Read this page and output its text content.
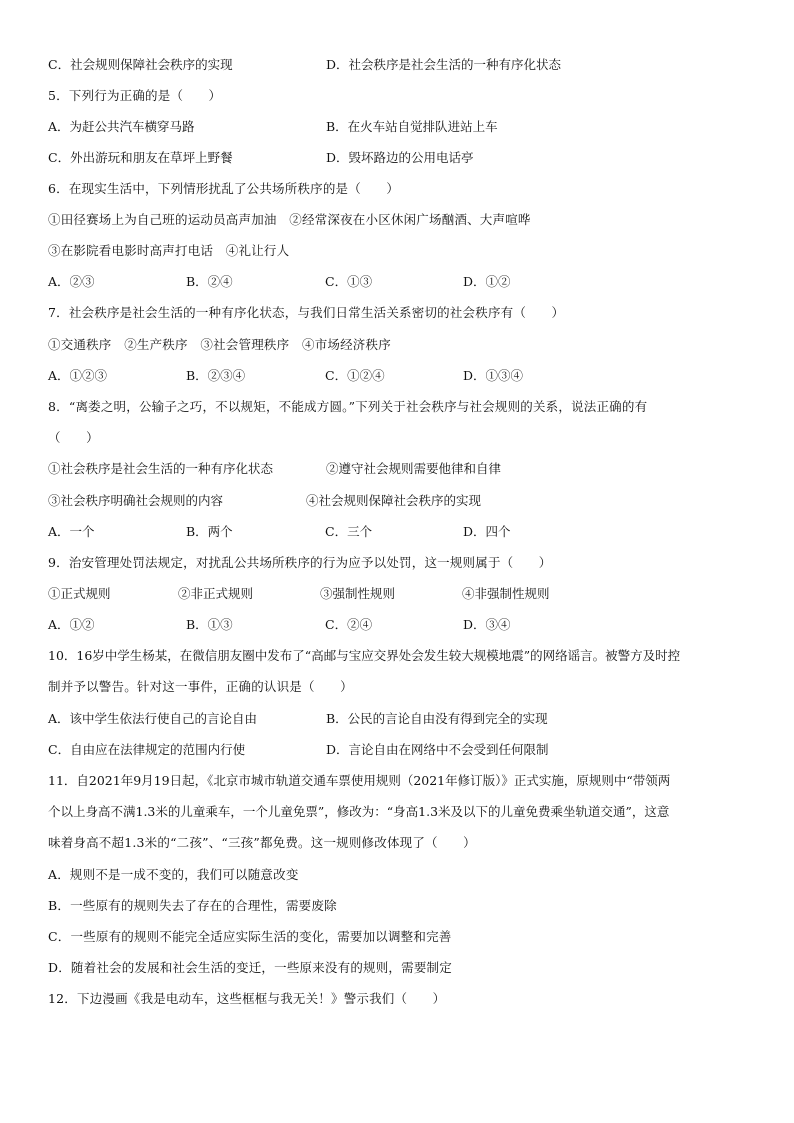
C．社会规则保障社会秩序的实现	D．社会秩序是社会生活的一种有序化状态
5．下列行为正确的是（　　）
A．为赶公共汽车横穿马路	B．在火车站自觉排队进站上车
C．外出游玩和朋友在草坪上野餐	D．毁坏路边的公用电话亭
6．在现实生活中，下列情形扰乱了公共场所秩序的是（　　）
①田径赛场上为自己班的运动员高声加油　②经常深夜在小区休闲广场酗酒、大声喧哗
③在影院看电影时高声打电话　④礼让行人
A．②③	B．②④	C．①③	D．①②
7．社会秩序是社会生活的一种有序化状态，与我们日常生活关系密切的社会秩序有（　　）
①交通秩序　②生产秩序　③社会管理秩序　④市场经济秩序
A．①②③	B．②③④	C．①②④	D．①③④
8．“离娄之明，公输子之巧，不以规矩，不能成方圆。”下列关于社会秩序与社会规则的关系，说法正确的有
（　　）
①社会秩序是社会生活的一种有序化状态	②遵守社会规则需要他律和自律
③社会秩序明确社会规则的内容	④社会规则保障社会秩序的实现
A．一个	B．两个	C．三个	D．四个
9．治安管理处罚法规定，对扰乱公共场所秩序的行为应予以处罚，这一规则属于（　　）
①正式规则	②非正式规则	③强制性规则	④非强制性规则
A．①②	B．①③	C．②④	D．③④
10．16岁中学生杨某，在微信朋友圈中发布了“高邮与宝应交界处会发生较大规模地震”的网络谣言。被警方及时控
制并予以警告。针对这一事件，正确的认识是（　　）
A．该中学生依法行使自己的言论自由	B．公民的言论自由没有得到完全的实现
C．自由应在法律规定的范围内行使	D．言论自由在网络中不会受到任何限制
11．自2021年9月19日起，《北京市城市轨道交通车票使用规则（2021年修订版）》正式实施，原规则中“带领两
个以上身高不满1.3米的儿童乘车，一个儿童免票”，修改为：“身高1.3米及以下的儿童免费乘坐轨道交通”，这意
味着身高不超1.3米的“二孩”、“三孩”都免费。这一规则修改体现了（　　）
A．规则不是一成不变的，我们可以随意改变
B．一些原有的规则失去了存在的合理性，需要废除
C．一些原有的规则不能完全适应实际生活的变化，需要加以调整和完善
D．随着社会的发展和社会生活的变迁，一些原来没有的规则，需要制定
12．下边漫画《我是电动车，这些框框与我无关！》警示我们（　　）
